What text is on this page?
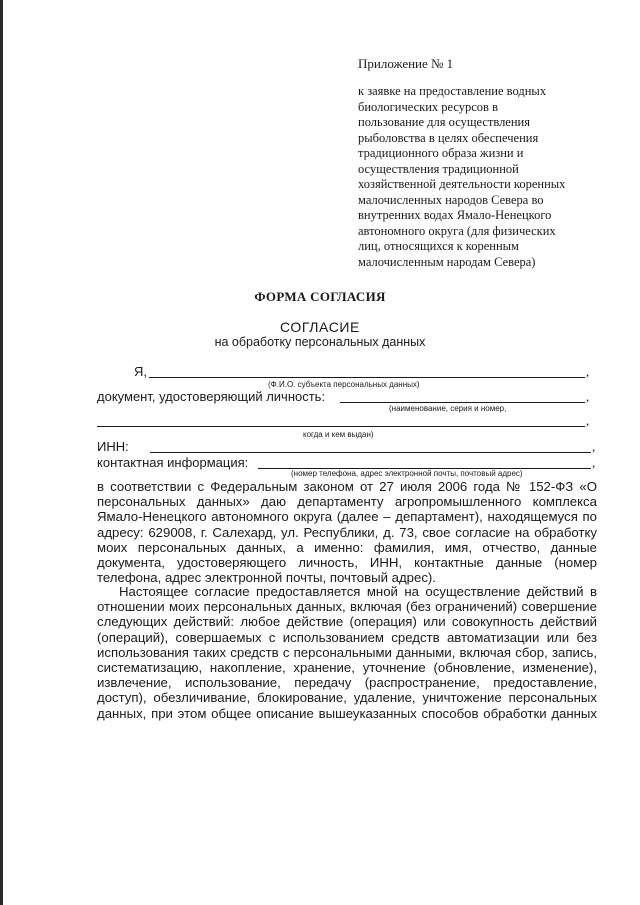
Приложение № 1

к заявке на предоставление водных

биологических ресурсов в

пользование для осуществления

рыболовства в целях обеспечения

традиционного образа жизни и

осуществления традиционной

хозяйственной деятельности коренных

малочисленных народов Севера во

внутренних водах Ямало-Ненецкого

автономного округа (для физических

лиц, относящихся к коренным

малочисленным народам Севера)

ФОРМА СОГЛАСИЯ
СОГЛАСИЕ
на обработку персональных данных
Я,	,
(Ф.И.О. субъекта персональных данных)
документ, удостоверяющий личность:	,
(наименование, серия и номер,
,
когда и кем выдан)
ИНН:	,
контактная информация:	,
(номер телефона, адрес электронной почты, почтовый адрес)
в соответствии с Федеральным законом от 27 июля 2006 года № 152-ФЗ «О
персональных данных» даю департаменту агропромышленного комплекса
Ямало-Ненецкого автономного округа (далее – департамент), находящемуся по
адресу: 629008, г. Салехард, ул. Республики, д. 73, свое согласие на обработку
моих персональных данных, а именно: фамилия, имя, отчество, данные
документа, удостоверяющего личность, ИНН, контактные данные (номер
телефона, адрес электронной почты, почтовый адрес).
Настоящее согласие предоставляется мной на осуществление действий в
отношении моих персональных данных, включая (без ограничений) совершение
следующих действий: любое действие (операция) или совокупность действий
(операций), совершаемых с использованием средств автоматизации или без
использования таких средств с персональными данными, включая сбор, запись,
систематизацию, накопление, хранение, уточнение (обновление, изменение),
извлечение, использование, передачу (распространение, предоставление,
доступ), обезличивание, блокирование, удаление, уничтожение персональных
данных, при этом общее описание вышеуказанных способов обработки данных
